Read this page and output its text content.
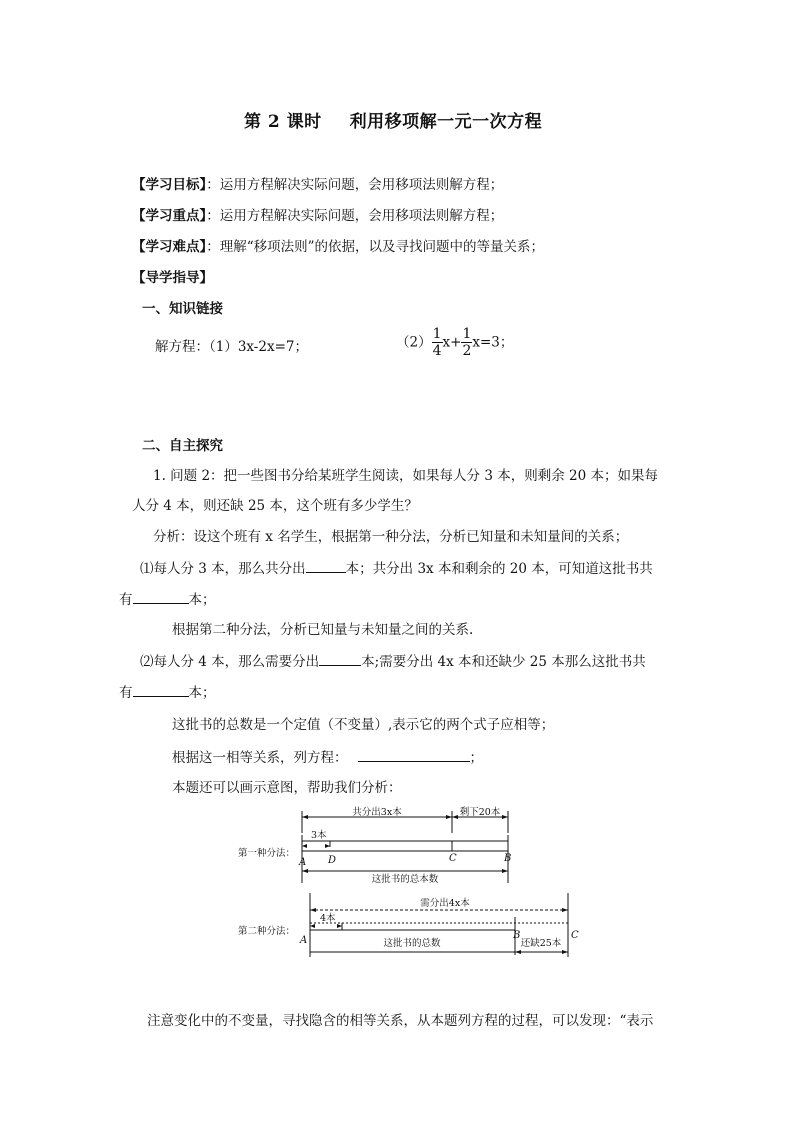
第 2 课时 利用移项解一元一次方程
【学习目标】：运用方程解决实际问题，会用移项法则解方程；
【学习重点】：运用方程解决实际问题，会用移项法则解方程；
【学习难点】：理解“移项法则”的依据，以及寻找问题中的等量关系；
【导学指导】
一、知识链接
解方程：（1）3x-2x=7；	$(2) \frac{1}{4} x+ \frac{1}{2} x=3$；
二、自主探究
1. 问题 2：把一些图书分给某班学生阅读，如果每人分 3 本，则剩余 20 本；如果每
人分 4 本，则还缺 25 本，这个班有多少学生？
分析：设这个班有 x 名学生，根据第一种分法，分析已知量和未知量间的关系；
⑴每人分 3 本，那么共分出	本；共分出 3x 本和剩余的 20 本，可知道这批书共
有	本；
根据第二种分法，分析已知量与未知量之间的关系.
⑵每人分 4 本，那么需要分出	本;需要分出 4x 本和还缺少 25 本那么这批书共
有	本；
这批书的总数是一个定值（不变量）,表示它的两个式子应相等；
根据这一相等关系，列方程：	；
本题还可以画示意图，帮助我们分析：
第一种分法：
共分出3x本	剩下20本
3本
这批书的总本数
第二种分法：
需分出4x本
4本
这批书的总数	还缺25本
A D	C	B
A	B	C
注意变化中的不变量，寻找隐含的相等关系，从本题列方程的过程，可以发现：“表示
